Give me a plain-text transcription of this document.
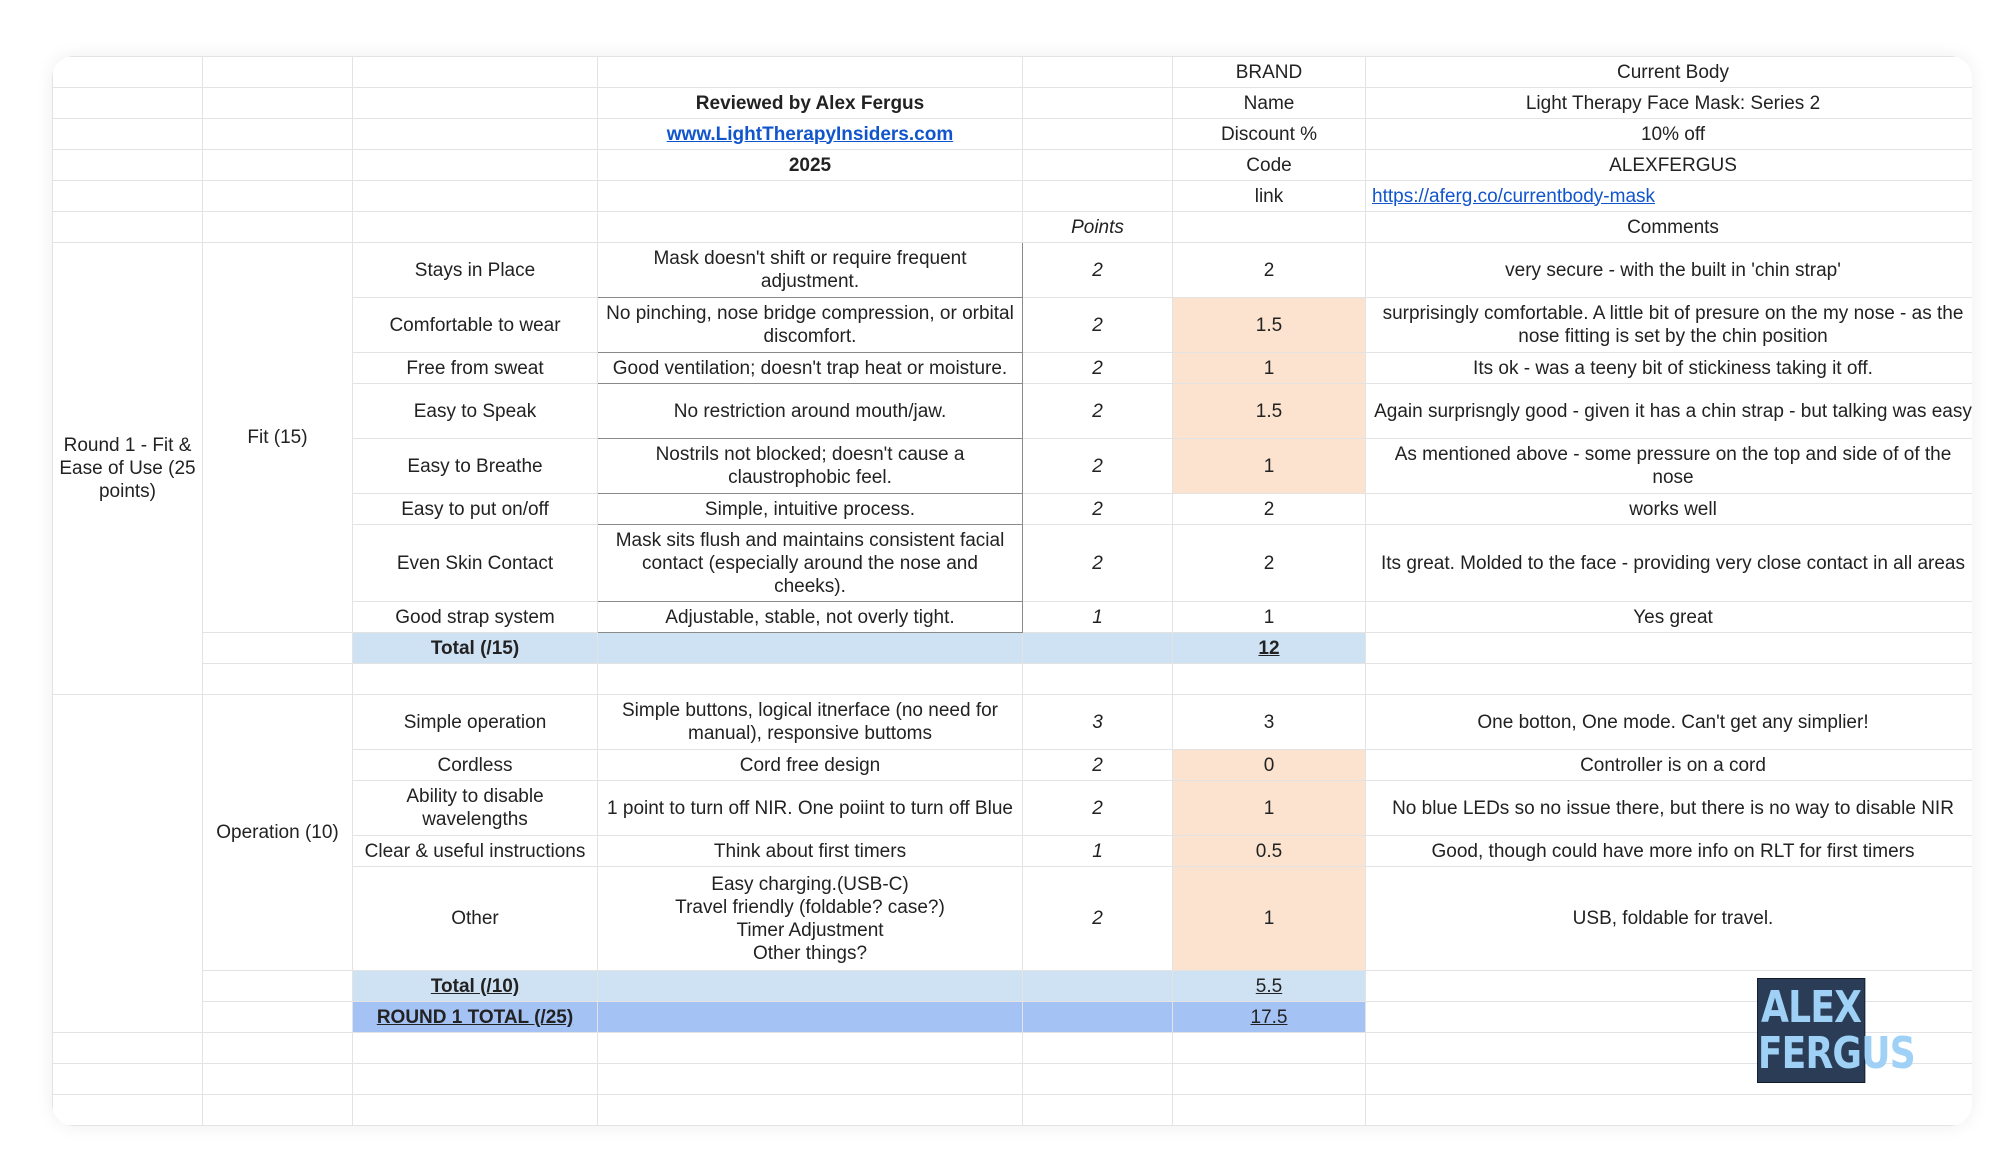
					BRAND	Current Body
			Reviewed by Alex Fergus		Name	Light Therapy Face Mask: Series 2
			www.LightTherapyInsiders.com		Discount %	10% off
			2025		Code	ALEXFERGUS
					link	https://aferg.co/currentbody-mask
				Points		Comments
Round 1 - Fit & Ease of Use (25 points)	Fit (15)	Stays in Place	Mask doesn't shift or require frequent adjustment.	2	2	very secure - with the built in 'chin strap'
		Comfortable to wear	No pinching, nose bridge compression, or orbital discomfort.	2	1.5	surprisingly comfortable. A little bit of presure on the my nose - as the nose fitting is set by the chin position
		Free from sweat	Good ventilation; doesn't trap heat or moisture.	2	1	Its ok - was a teeny bit of stickiness taking it off.
		Easy to Speak	No restriction around mouth/jaw.	2	1.5	Again surprisngly good - given it has a chin strap - but talking was easy
		Easy to Breathe	Nostrils not blocked; doesn't cause a claustrophobic feel.	2	1	As mentioned above - some pressure on the top and side of of the nose
		Easy to put on/off	Simple, intuitive process.	2	2	works well
		Even Skin Contact	Mask sits flush and maintains consistent facial contact (especially around the nose and cheeks).	2	2	Its great. Molded to the face - providing very close contact in all areas
		Good strap system	Adjustable, stable, not overly tight.	1	1	Yes great
		Total (/15)			12	

	Operation (10)	Simple operation	Simple buttons, logical itnerface (no need for manual), responsive buttoms	3	3	One botton, One mode. Can't get any simplier!
		Cordless	Cord free design	2	0	Controller is on a cord
		Ability to disable wavelengths	1 point to turn off NIR. One poiint to turn off Blue	2	1	No blue LEDs so no issue there, but there is no way to disable NIR
		Clear & useful instructions	Think about first timers	1	0.5	Good, though could have more info on RLT for first timers
		Other	Easy charging.(USB-C)
Travel friendly (foldable? case?)
Timer Adjustment
Other things?	2	1	USB, foldable for travel.
		Total (/10)			5.5	
		ROUND 1 TOTAL (/25)			17.5	

							ALEX
FERGUS
